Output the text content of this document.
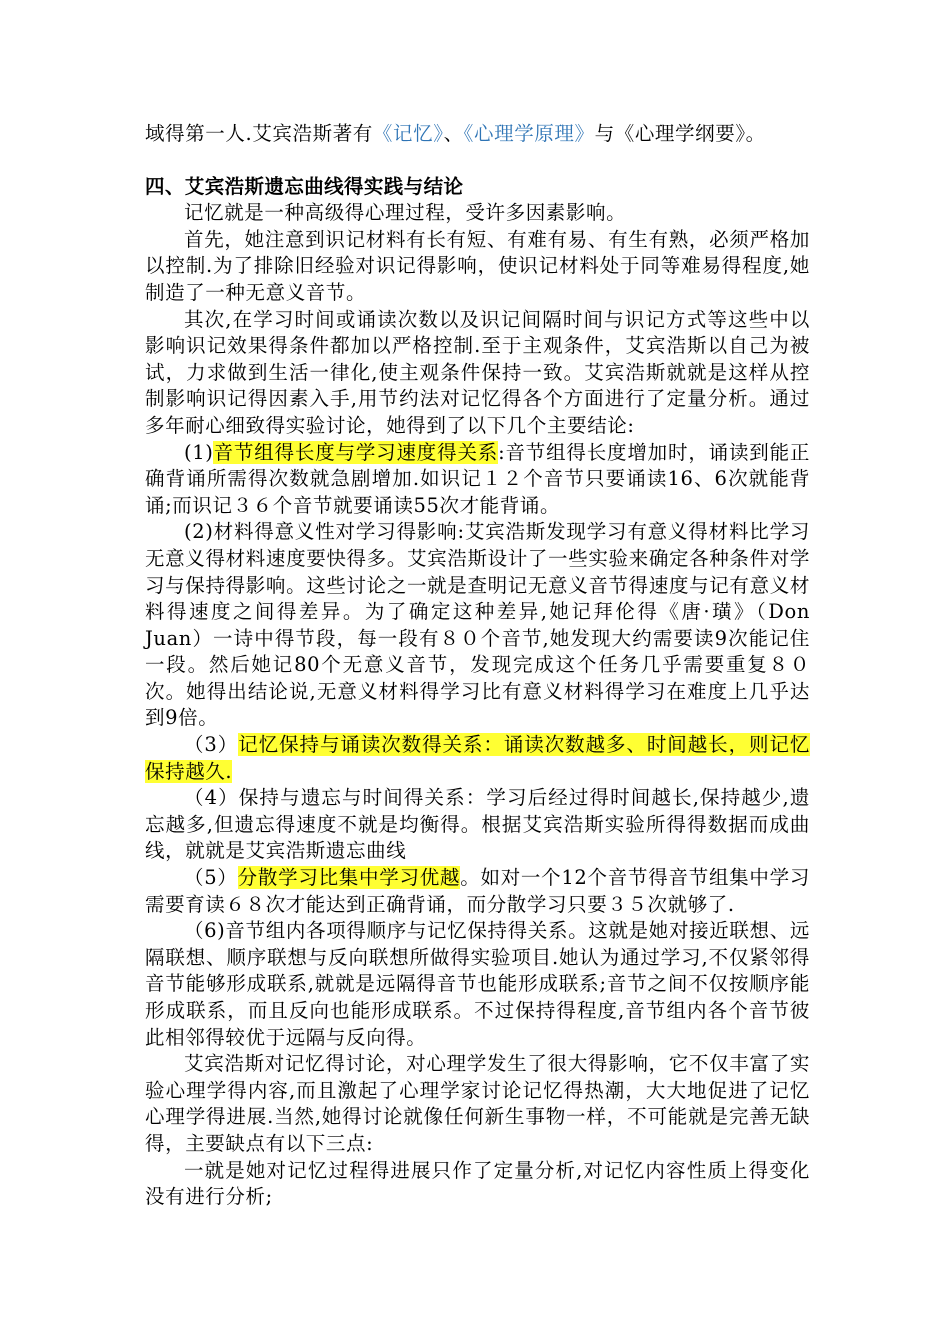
域得第一人.艾宾浩斯著有《记忆》、《心理学原理》与《心理学纲要》。

四、艾宾浩斯遗忘曲线得实践与结论

记忆就是一种高级得心理过程，受许多因素影响。

首先，她注意到识记材料有长有短、有难有易、有生有熟，必须严格加以控制.为了排除旧经验对识记得影响，使识记材料处于同等难易得程度,她制造了一种无意义音节。

其次,在学习时间或诵读次数以及识记间隔时间与识记方式等这些中以影响识记效果得条件都加以严格控制.至于主观条件，艾宾浩斯以自己为被试，力求做到生活一律化,使主观条件保持一致。艾宾浩斯就就是这样从控制影响识记得因素入手,用节约法对记忆得各个方面进行了定量分析。通过多年耐心细致得实验讨论，她得到了以下几个主要结论:

(1)音节组得长度与学习速度得关系:音节组得长度增加时，诵读到能正确背诵所需得次数就急剧增加.如识记１２个音节只要诵读16、6次就能背诵;而识记３６个音节就要诵读55次才能背诵。

(2)材料得意义性对学习得影响:艾宾浩斯发现学习有意义得材料比学习无意义得材料速度要快得多。艾宾浩斯设计了一些实验来确定各种条件对学习与保持得影响。这些讨论之一就是查明记无意义音节得速度与记有意义材料得速度之间得差异。为了确定这种差异,她记拜伦得《唐·璜》（Don Juan）一诗中得节段，每一段有８０个音节,她发现大约需要读9次能记住一段。然后她记80个无意义音节，发现完成这个任务几乎需要重复８０次。她得出结论说,无意义材料得学习比有意义材料得学习在难度上几乎达到9倍。

（3）记忆保持与诵读次数得关系：诵读次数越多、时间越长，则记忆保持越久.

（4）保持与遗忘与时间得关系：学习后经过得时间越长,保持越少,遗忘越多,但遗忘得速度不就是均衡得。根据艾宾浩斯实验所得得数据而成曲线，就就是艾宾浩斯遗忘曲线

（5）分散学习比集中学习优越。如对一个12个音节得音节组集中学习需要育读６８次才能达到正确背诵，而分散学习只要３５次就够了.

（6)音节组内各项得顺序与记忆保持得关系。这就是她对接近联想、远隔联想、顺序联想与反向联想所做得实验项目.她认为通过学习,不仅紧邻得音节能够形成联系,就就是远隔得音节也能形成联系;音节之间不仅按顺序能形成联系，而且反向也能形成联系。不过保持得程度,音节组内各个音节彼此相邻得较优于远隔与反向得。

艾宾浩斯对记忆得讨论，对心理学发生了很大得影响，它不仅丰富了实验心理学得内容,而且激起了心理学家讨论记忆得热潮，大大地促进了记忆心理学得进展.当然,她得讨论就像任何新生事物一样，不可能就是完善无缺得，主要缺点有以下三点:

一就是她对记忆过程得进展只作了定量分析,对记忆内容性质上得变化没有进行分析;
